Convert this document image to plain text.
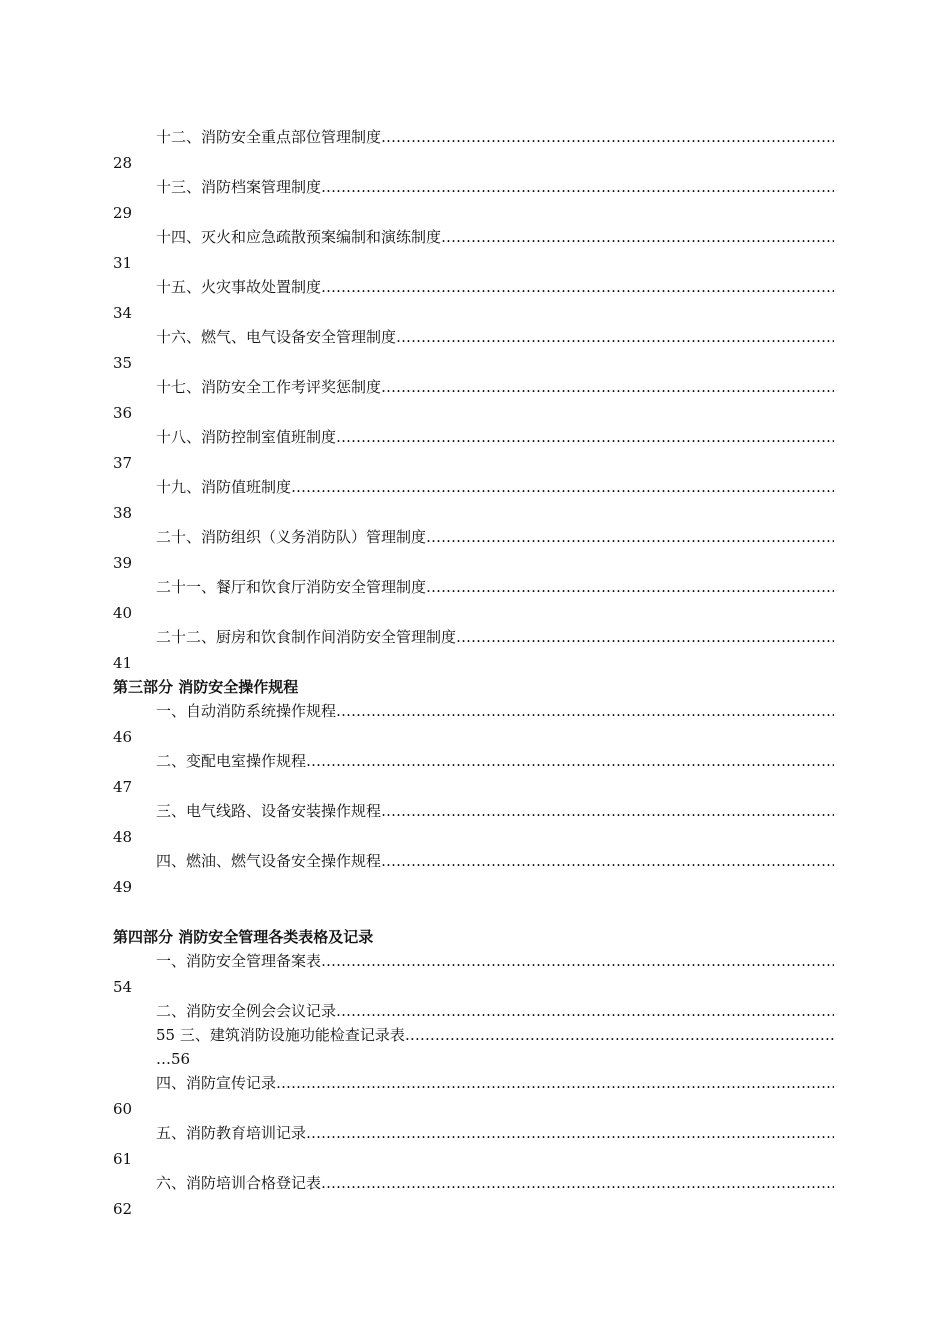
十二、消防安全重点部位管理制度
……………………………………………………………………………………………………………………………………………………
28
十三、消防档案管理制度
……………………………………………………………………………………………………………………………………………………
29
十四、灭火和应急疏散预案编制和演练制度
……………………………………………………………………………………………………………………………………………………
31
十五、火灾事故处置制度
……………………………………………………………………………………………………………………………………………………
34
十六、燃气、电气设备安全管理制度
……………………………………………………………………………………………………………………………………………………
35
十七、消防安全工作考评奖惩制度
……………………………………………………………………………………………………………………………………………………
36
十八、消防控制室值班制度
……………………………………………………………………………………………………………………………………………………
37
十九、消防值班制度
……………………………………………………………………………………………………………………………………………………
38
二十、消防组织（义务消防队）管理制度
……………………………………………………………………………………………………………………………………………………
39
二十一、餐厅和饮食厅消防安全管理制度
……………………………………………………………………………………………………………………………………………………
40
二十二、厨房和饮食制作间消防安全管理制度
……………………………………………………………………………………………………………………………………………………
41
第三部分 消防安全操作规程
一、自动消防系统操作规程
……………………………………………………………………………………………………………………………………………………
46
二、变配电室操作规程
……………………………………………………………………………………………………………………………………………………
47
三、电气线路、设备安装操作规程
……………………………………………………………………………………………………………………………………………………
48
四、燃油、燃气设备安全操作规程
……………………………………………………………………………………………………………………………………………………
49
第四部分 消防安全管理各类表格及记录
一、消防安全管理备案表
……………………………………………………………………………………………………………………………………………………
54
二、消防安全例会会议记录
……………………………………………………………………………………………………………………………………………………
55 三、建筑消防设施功能检查记录表
……………………………………………………………………………………………………………………………………………………
…56
四、消防宣传记录
……………………………………………………………………………………………………………………………………………………
60
五、消防教育培训记录
……………………………………………………………………………………………………………………………………………………
61
六、消防培训合格登记表
……………………………………………………………………………………………………………………………………………………
62
